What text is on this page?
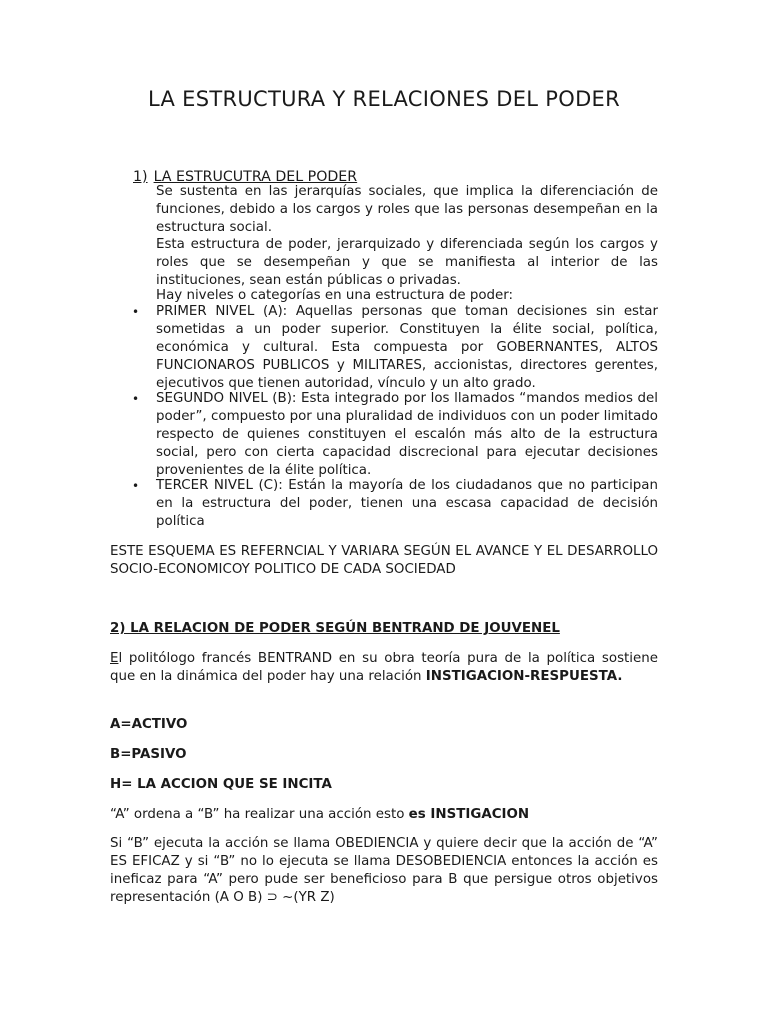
LA ESTRUCTURA Y RELACIONES DEL PODER
1) LA ESTRUCUTRA DEL PODER
Se sustenta en las jerarquías sociales, que implica la diferenciación de funciones, debido a los cargos y roles que las personas desempeñan en la estructura social.
Esta estructura de poder, jerarquizado y diferenciada según los cargos y roles que se desempeñan y que se manifiesta al interior de las instituciones, sean están públicas o privadas.
Hay niveles o categorías en una estructura de poder:
• PRIMER NIVEL (A): Aquellas personas que toman decisiones sin estar sometidas a un poder superior. Constituyen la élite social, política, económica y cultural. Esta compuesta por GOBERNANTES, ALTOS FUNCIONAROS PUBLICOS y MILITARES, accionistas, directores gerentes, ejecutivos que tienen autoridad, vínculo y un alto grado.
• SEGUNDO NIVEL (B): Esta integrado por los llamados “mandos medios del poder”, compuesto por una pluralidad de individuos con un poder limitado respecto de quienes constituyen el escalón más alto de la estructura social, pero con cierta capacidad discrecional para ejecutar decisiones provenientes de la élite política.
• TERCER NIVEL (C): Están la mayoría de los ciudadanos que no participan en la estructura del poder, tienen una escasa capacidad de decisión política
ESTE ESQUEMA ES REFERNCIAL Y VARIARA SEGÚN EL AVANCE Y EL DESARROLLO SOCIO-ECONOMICOY POLITICO DE CADA SOCIEDAD
2) LA RELACION DE PODER SEGÚN BENTRAND DE JOUVENEL
El politólogo francés BENTRAND en su obra teoría pura de la política sostiene que en la dinámica del poder hay una relación INSTIGACION-RESPUESTA.
A=ACTIVO
B=PASIVO
H= LA ACCION QUE SE INCITA
“A” ordena a “B” ha realizar una acción esto es INSTIGACION
Si “B” ejecuta la acción se llama OBEDIENCIA y quiere decir que la acción de “A” ES EFICAZ y si “B” no lo ejecuta se llama DESOBEDIENCIA entonces la acción es ineficaz para “A” pero pude ser beneficioso para B que persigue otros objetivos representación (A O B) ⊃ ~(YR Z)
